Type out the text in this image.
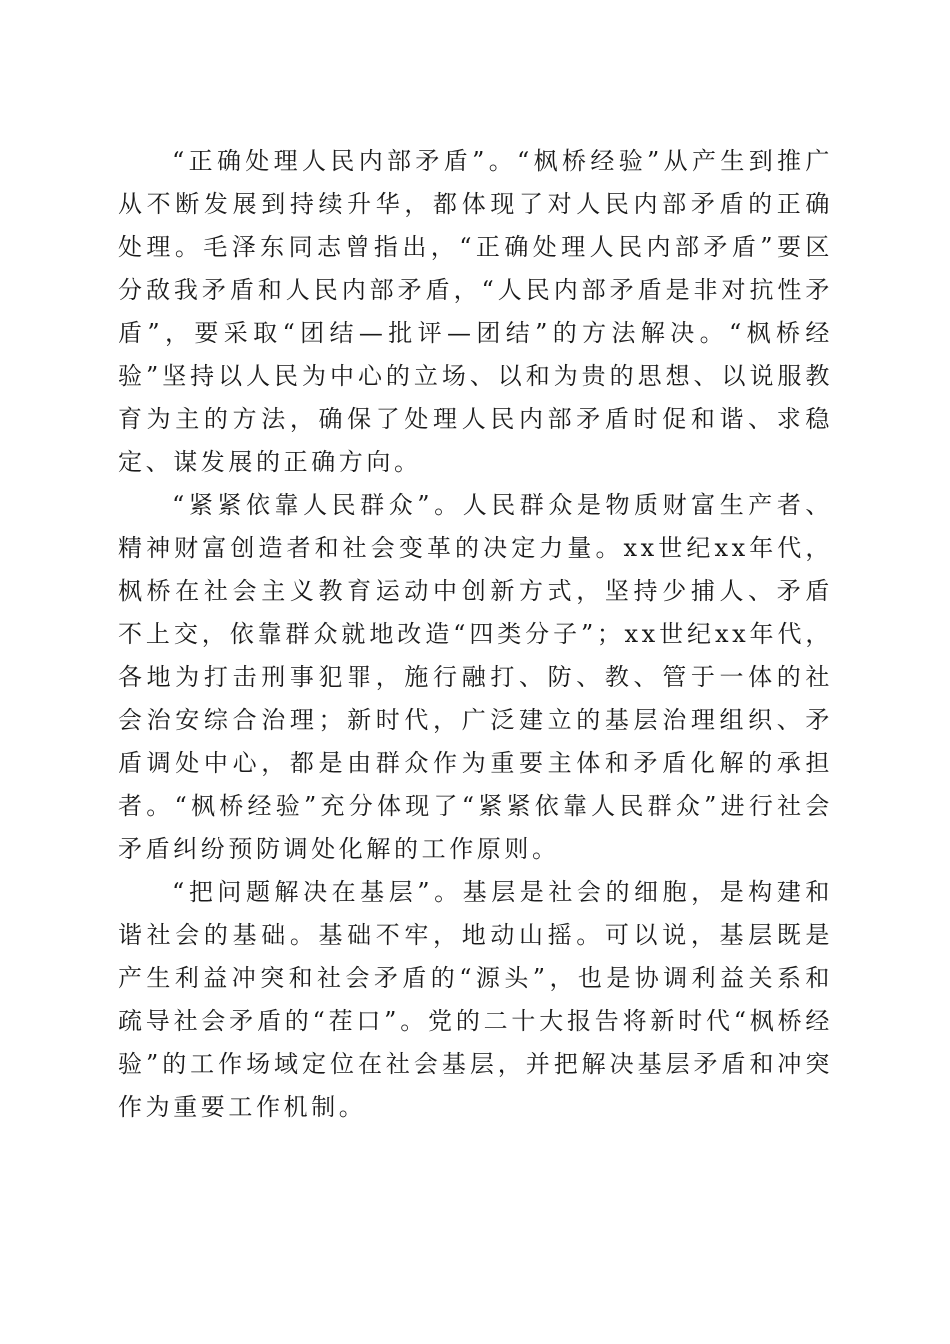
“正确处理人民内部矛盾”。“枫桥经验”从产生到推广从不断发展到持续升华，都体现了对人民内部矛盾的正确处理。毛泽东同志曾指出，“正确处理人民内部矛盾”要区分敌我矛盾和人民内部矛盾，“人民内部矛盾是非对抗性矛盾”，要采取“团结—批评—团结”的方法解决。“枫桥经验”坚持以人民为中心的立场、以和为贵的思想、以说服教育为主的方法，确保了处理人民内部矛盾时促和谐、求稳定、谋发展的正确方向。

“紧紧依靠人民群众”。人民群众是物质财富生产者、精神财富创造者和社会变革的决定力量。xx世纪xx年代，枫桥在社会主义教育运动中创新方式，坚持少捕人、矛盾不上交，依靠群众就地改造“四类分子”；xx世纪xx年代，各地为打击刑事犯罪，施行融打、防、教、管于一体的社会治安综合治理；新时代，广泛建立的基层治理组织、矛盾调处中心，都是由群众作为重要主体和矛盾化解的承担者。“枫桥经验”充分体现了“紧紧依靠人民群众”进行社会矛盾纠纷预防调处化解的工作原则。

“把问题解决在基层”。基层是社会的细胞，是构建和谐社会的基础。基础不牢，地动山摇。可以说，基层既是产生利益冲突和社会矛盾的“源头”，也是协调利益关系和疏导社会矛盾的“茬口”。党的二十大报告将新时代“枫桥经验”的工作场域定位在社会基层，并把解决基层矛盾和冲突作为重要工作机制。
